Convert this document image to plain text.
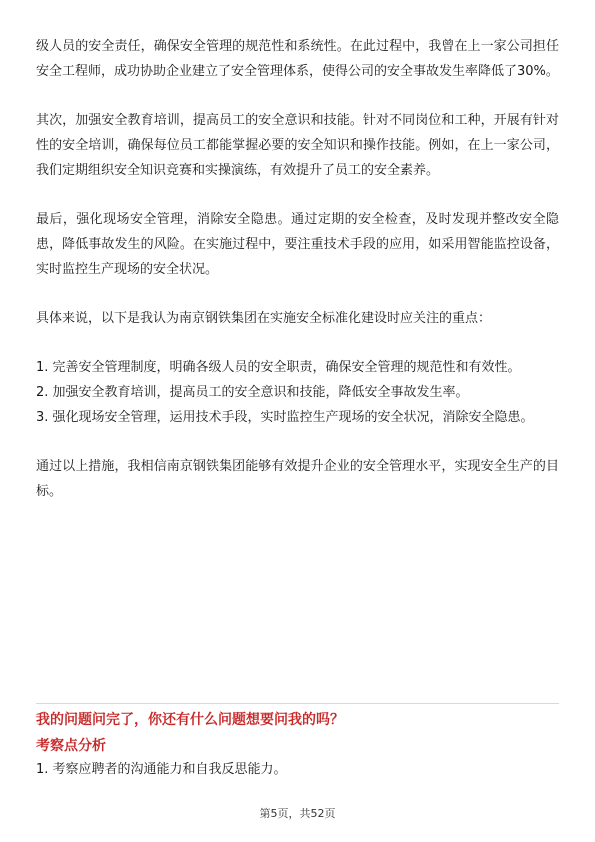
级人员的安全责任，确保安全管理的规范性和系统性。在此过程中，我曾在上一家公司担任安全工程师，成功协助企业建立了安全管理体系，使得公司的安全事故发生率降低了30%。

其次，加强安全教育培训，提高员工的安全意识和技能。针对不同岗位和工种，开展有针对性的安全培训，确保每位员工都能掌握必要的安全知识和操作技能。例如，在上一家公司，我们定期组织安全知识竞赛和实操演练，有效提升了员工的安全素养。

最后，强化现场安全管理，消除安全隐患。通过定期的安全检查，及时发现并整改安全隐患，降低事故发生的风险。在实施过程中，要注重技术手段的应用，如采用智能监控设备，实时监控生产现场的安全状况。

具体来说，以下是我认为南京钢铁集团在实施安全标准化建设时应关注的重点：

1. 完善安全管理制度，明确各级人员的安全职责，确保安全管理的规范性和有效性。

2. 加强安全教育培训，提高员工的安全意识和技能，降低安全事故发生率。

3. 强化现场安全管理，运用技术手段，实时监控生产现场的安全状况，消除安全隐患。

通过以上措施，我相信南京钢铁集团能够有效提升企业的安全管理水平，实现安全生产的目标。

我的问题问完了，你还有什么问题想要问我的吗？

考察点分析

1. 考察应聘者的沟通能力和自我反思能力。

第5页，共52页
